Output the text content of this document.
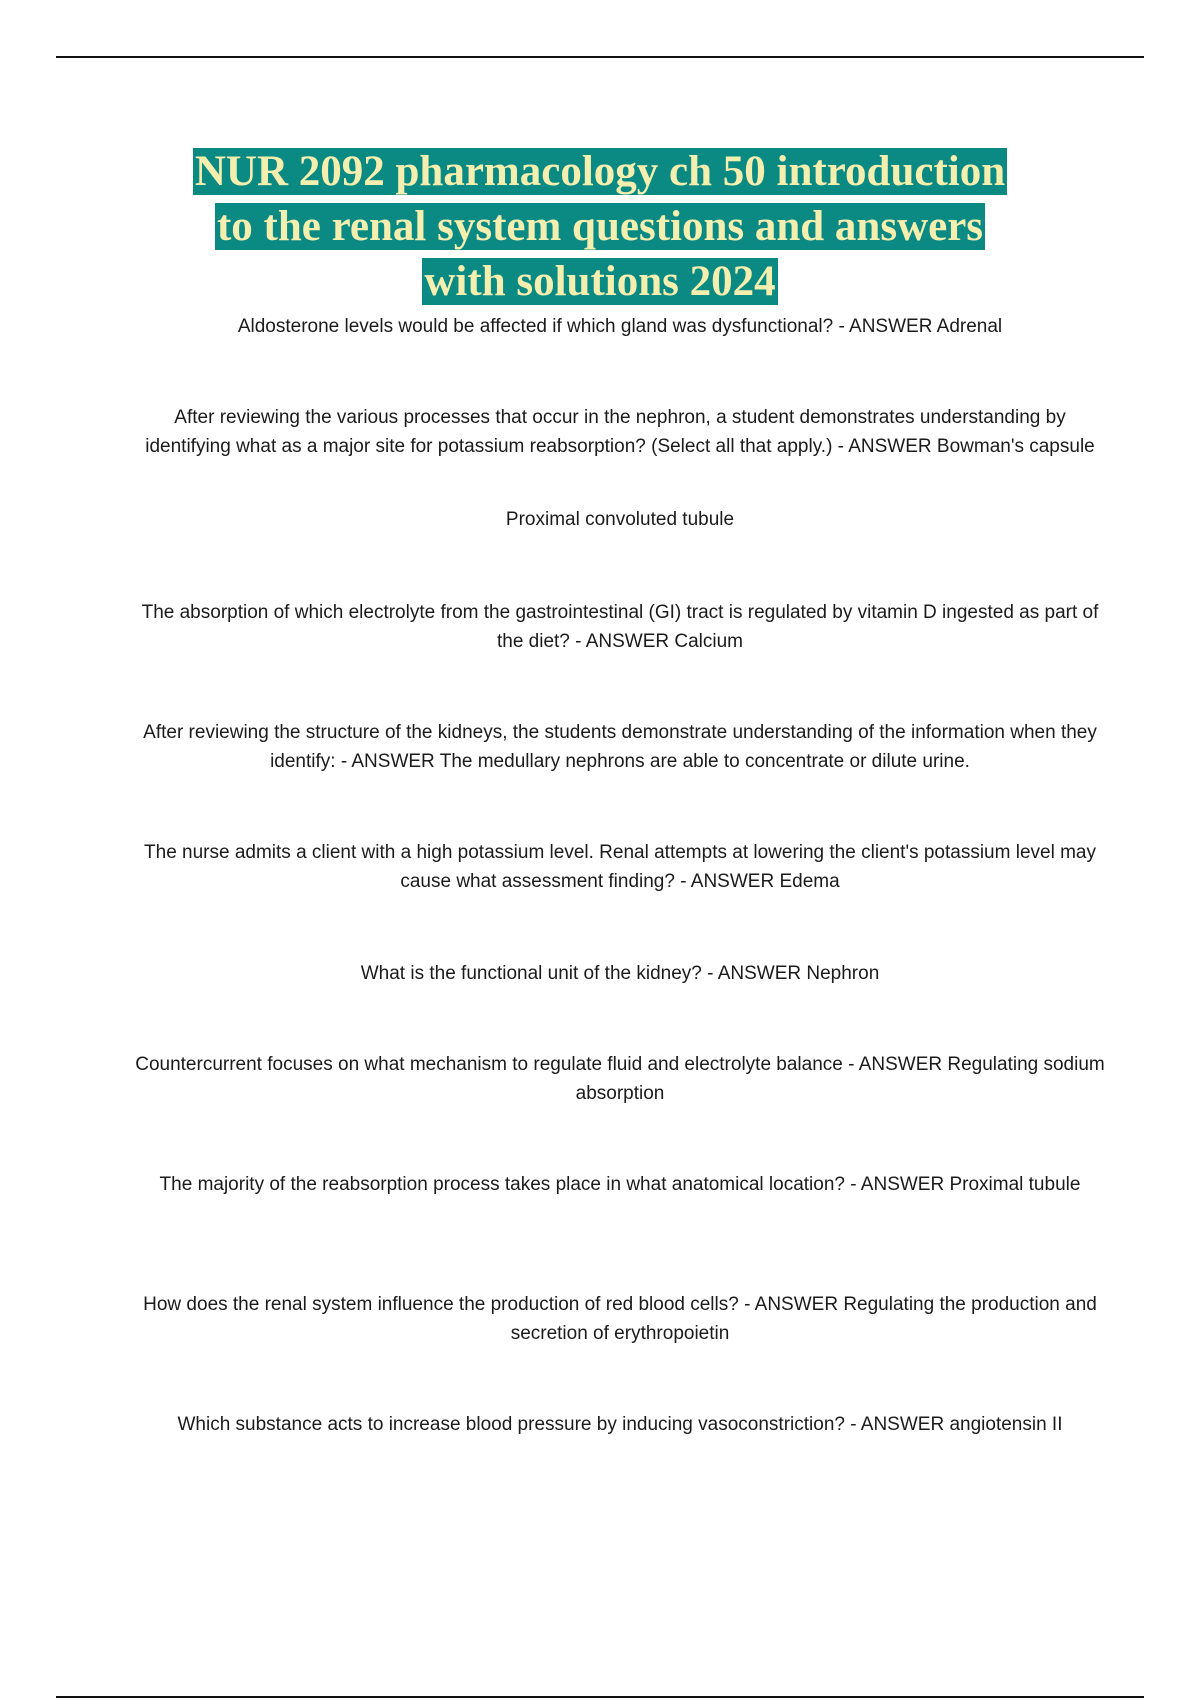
NUR 2092 pharmacology ch 50 introduction
to the renal system questions and answers
with solutions 2024

Aldosterone levels would be affected if which gland was dysfunctional? - ANSWER Adrenal

After reviewing the various processes that occur in the nephron, a student demonstrates understanding by identifying what as a major site for potassium reabsorption? (Select all that apply.) - ANSWER Bowman's capsule

Proximal convoluted tubule

The absorption of which electrolyte from the gastrointestinal (GI) tract is regulated by vitamin D ingested as part of the diet? - ANSWER Calcium

After reviewing the structure of the kidneys, the students demonstrate understanding of the information when they identify: - ANSWER The medullary nephrons are able to concentrate or dilute urine.

The nurse admits a client with a high potassium level. Renal attempts at lowering the client's potassium level may cause what assessment finding? - ANSWER Edema

What is the functional unit of the kidney? - ANSWER Nephron

Countercurrent focuses on what mechanism to regulate fluid and electrolyte balance - ANSWER Regulating sodium absorption

The majority of the reabsorption process takes place in what anatomical location? - ANSWER Proximal tubule

How does the renal system influence the production of red blood cells? - ANSWER Regulating the production and secretion of erythropoietin

Which substance acts to increase blood pressure by inducing vasoconstriction? - ANSWER angiotensin II
